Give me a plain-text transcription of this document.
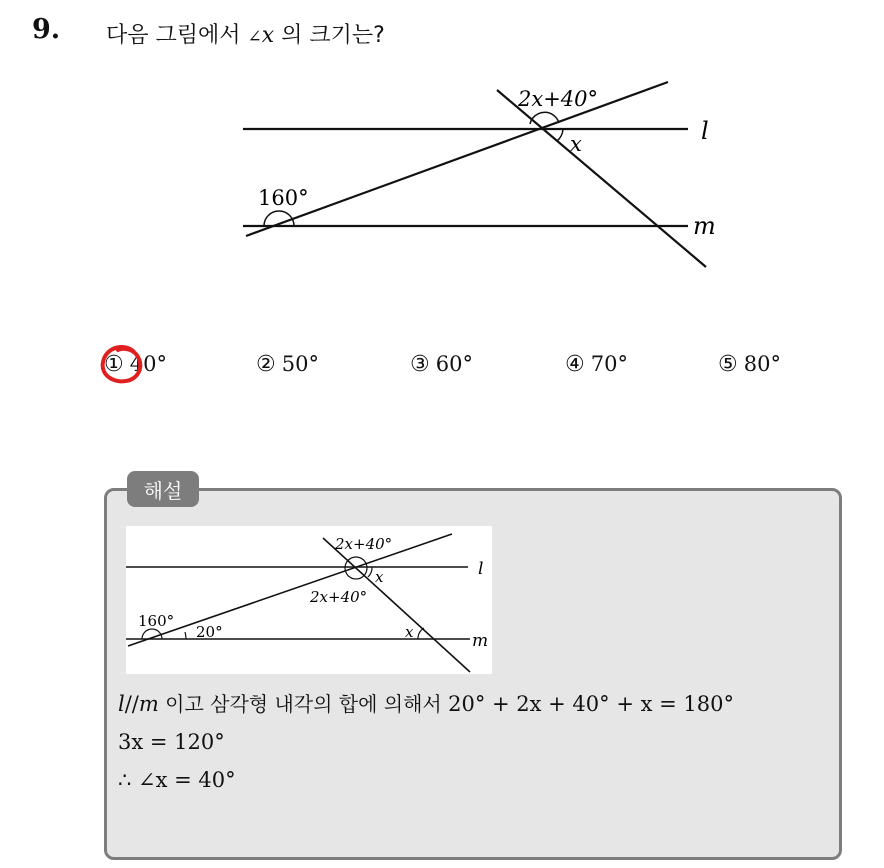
9. 다음 그림에서 ∠x 의 크기는?
2x+40°
x
160°
l
m
① 40°	② 50°	③ 60°	④ 70°	⑤ 80°
해설
2x+40°
x
2x+40°
160°
20°	x
l
m
l//m 이고 삼각형 내각의 합에 의해서 20° + 2x + 40° + x = 180°
3x = 120°
∴ ∠x = 40°
